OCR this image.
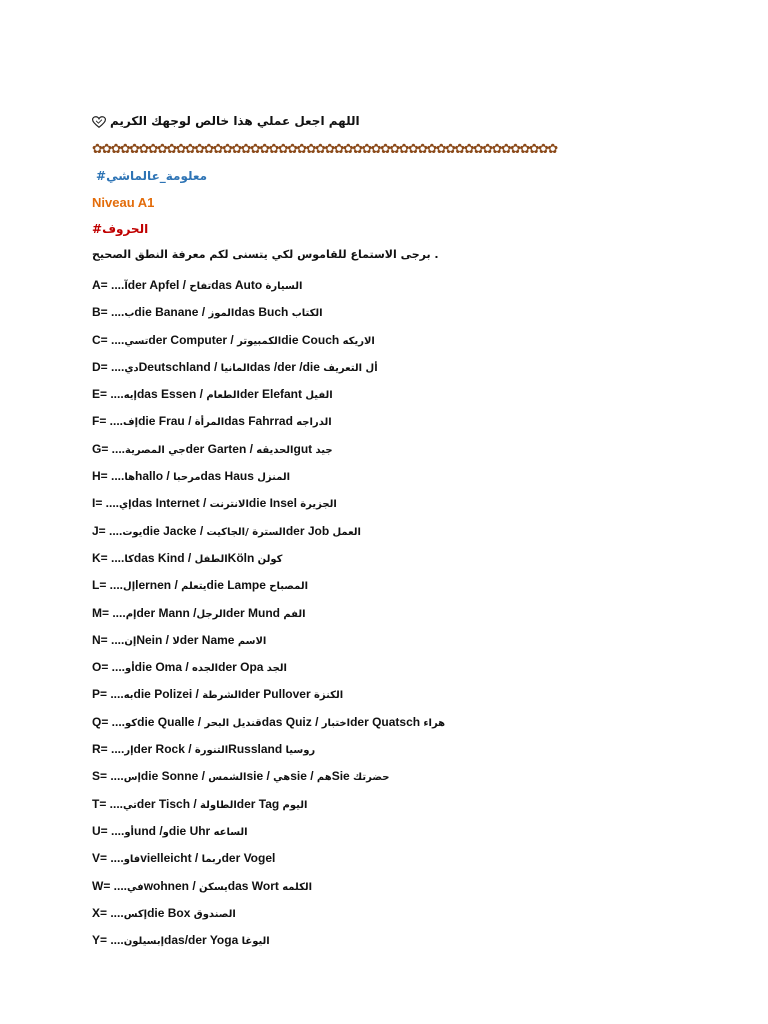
اللهم اجعل عملي هذا خالص لوجهك الكريم
✿✿✿✿✿✿✿✿✿✿✿✿✿✿✿✿✿✿✿✿✿✿✿✿✿✿✿✿✿✿✿✿✿✿✿✿✿✿✿✿✿✿✿✿✿✿✿✿✿✿
#معلومة_عالماشي
Niveau A1
#الحروف
برجى الاستماع للقاموس لكي يتسنى لكم معرفة النطق الصحيح .
A= ....آder Apfel / تفاحdas Auto السيارة
B= ....بdie Banane / الموزdas Buch الكتاب
C= ....تسيder Computer / الكمبيوترdie Couch الاريكه
D= ....ديDeutschland / المانياdas /der /die أل التعريف
E= ....إيهdas Essen / الطعامder Elefant الفيل
F= ....إفdie Frau / المرأةdas Fahrrad الدراجه
G= ....جي المصريةder Garten / الحديقهgut جيد
H= ....هاhallo / مرحباdas Haus المنزل
I= ....إيdas Internet / الانترنتdie Insel الجزيرة
J= ....يوتdie Jacke / السترة /الجاكيتder Job العمل
K= ....كاdas Kind / الطفلKöln كولن
L= ....إلlernen / يتعلمdie Lampe المصباح
M= ....إمder Mann /الرجلder Mund الفم
N= ....إنNein / لاder Name الاسم
O= ....أوdie Oma / الجدهder Opa الجد
P= ....بهdie Polizei / الشرطةder Pullover الكنزة
Q= ....كوdie Qualle / قنديل البحرdas Quiz / اختبارder Quatsch هراء
R= ....إرder Rock / التنورةRussland روسيا
S= ....إسdie Sonne / الشمسsie / هيsie / همSie حضرتك
T= ....تيder Tisch / الطاولةder Tag اليوم
U= ....أوund /وdie Uhr الساعه
V= ....فاوvielleicht / ربماder Vogel
W= ....فيwohnen / يسكنdas Wort الكلمه
X= ....إكسdie Box الصندوق
Y= ....إبسيلونdas/der Yoga اليوغا
